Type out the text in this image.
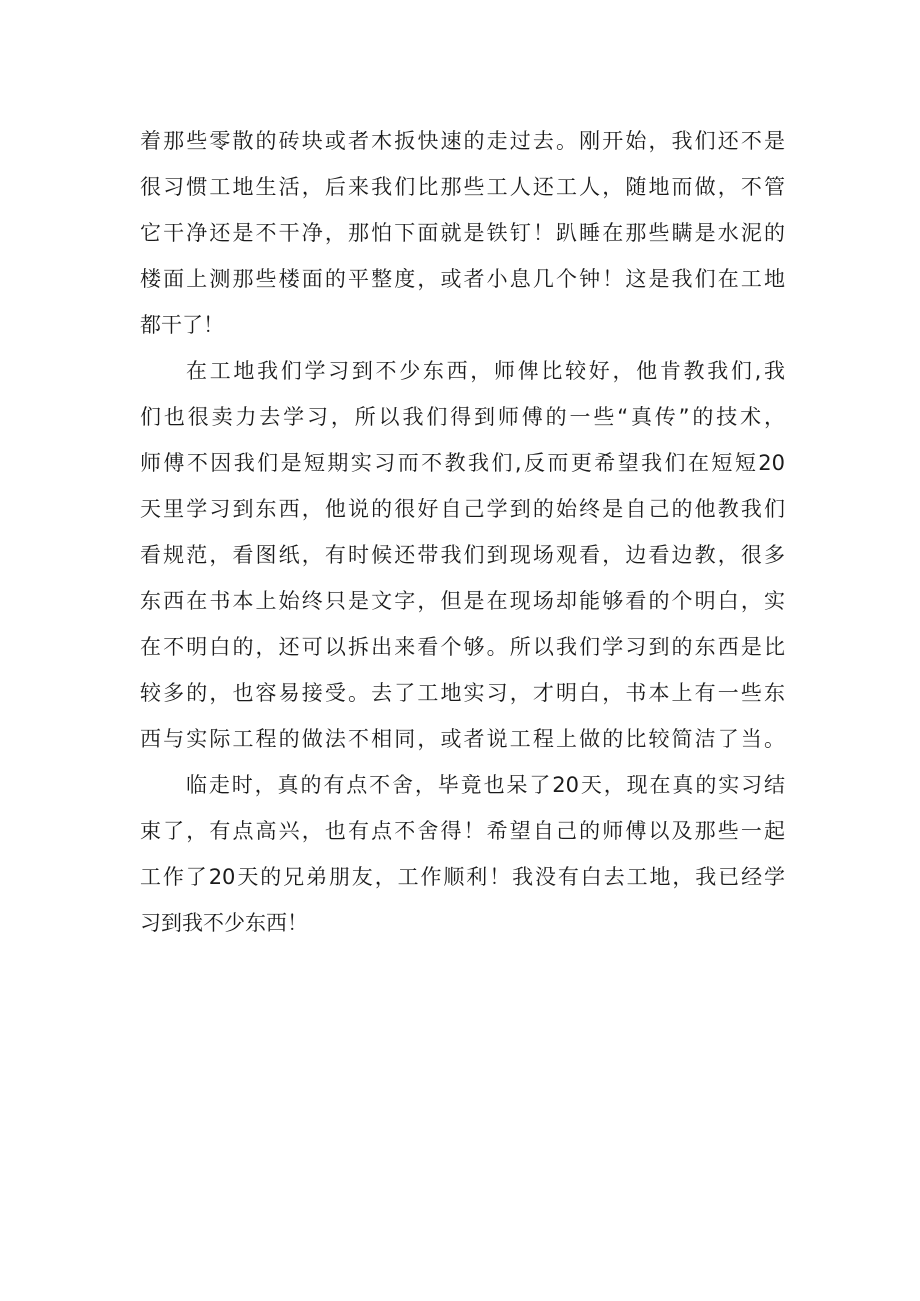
着那些零散的砖块或者木扳快速的走过去。刚开始，我们还不是

很习惯工地生活，后来我们比那些工人还工人，随地而做，不管

它干净还是不干净，那怕下面就是铁钉！趴睡在那些瞒是水泥的

楼面上测那些楼面的平整度，或者小息几个钟！这是我们在工地

都干了！

在工地我们学习到不少东西，师俾比较好，他肯教我们,我

们也很卖力去学习，所以我们得到师傅的一些“真传”的技术，

师傅不因我们是短期实习而不教我们,反而更希望我们在短短20

天里学习到东西，他说的很好自己学到的始终是自己的他教我们

看规范，看图纸，有时候还带我们到现场观看，边看边教，很多

东西在书本上始终只是文字，但是在现场却能够看的个明白，实

在不明白的，还可以拆出来看个够。所以我们学习到的东西是比

较多的，也容易接受。去了工地实习，才明白，书本上有一些东

西与实际工程的做法不相同，或者说工程上做的比较简洁了当。

临走时，真的有点不舍，毕竟也呆了20天，现在真的实习结

束了，有点高兴，也有点不舍得！希望自己的师傅以及那些一起

工作了20天的兄弟朋友，工作顺利！我没有白去工地，我已经学

习到我不少东西！
